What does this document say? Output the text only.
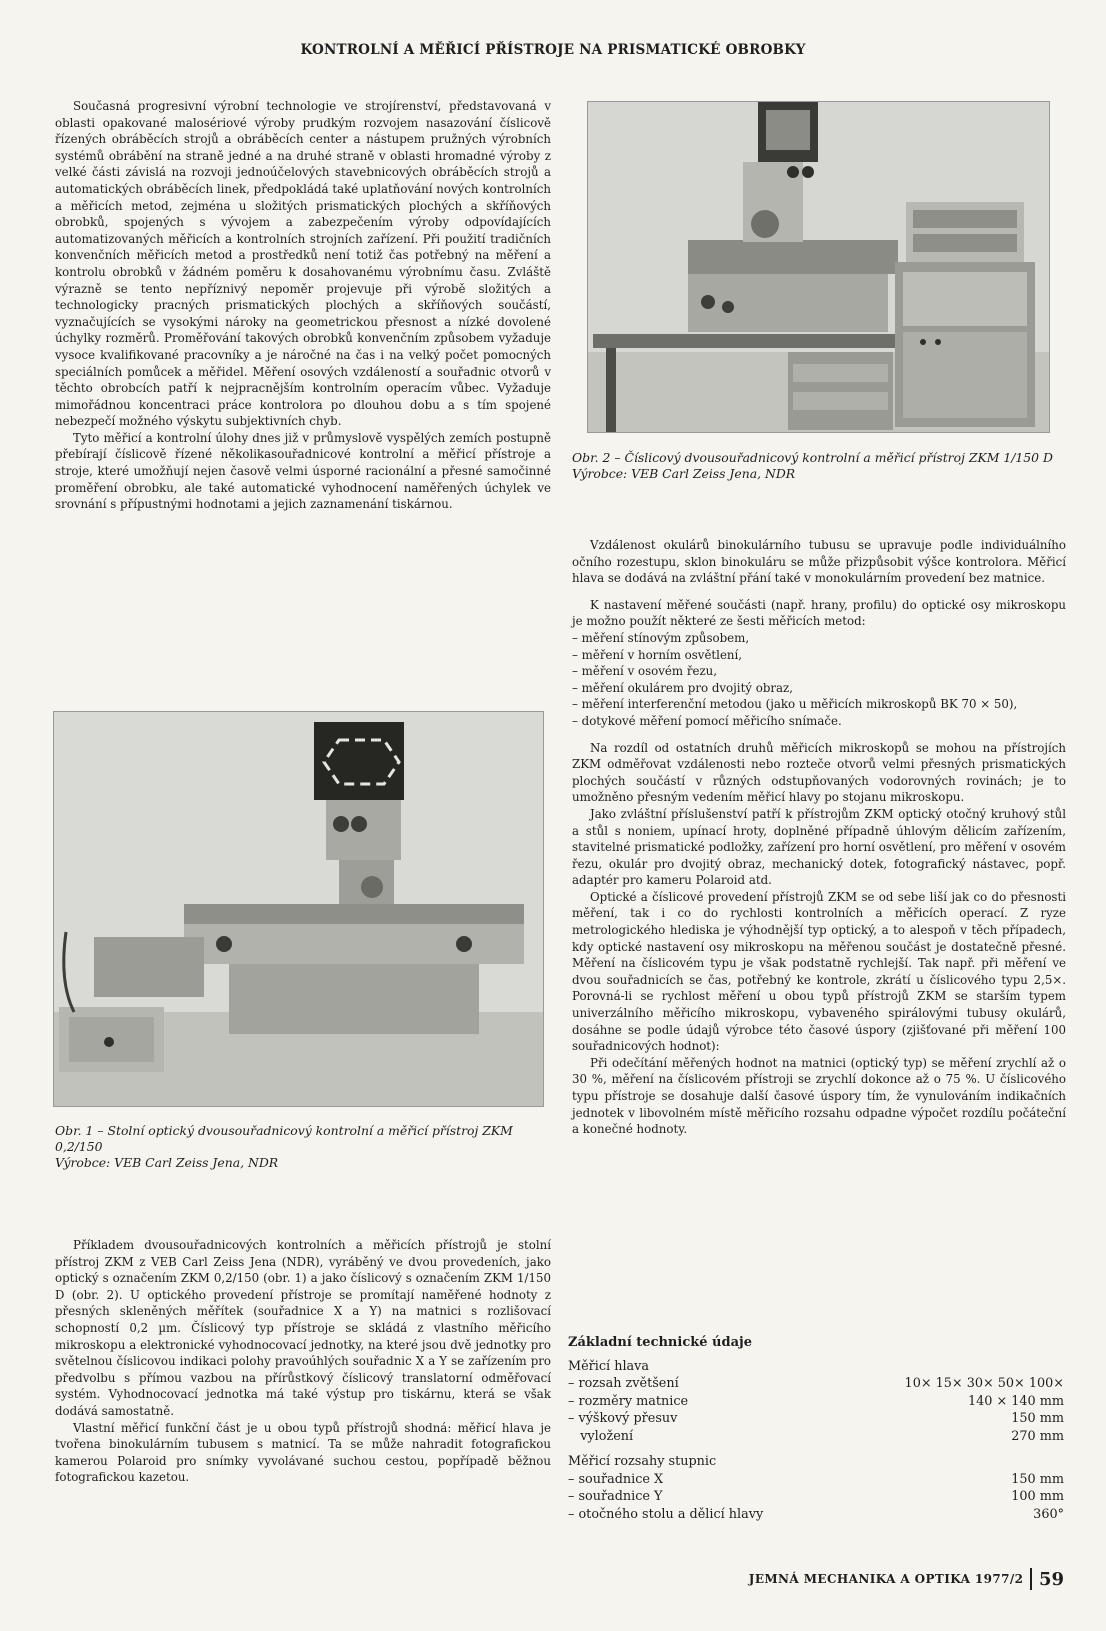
KONTROLNÍ A MĚŘICÍ PŘÍSTROJE NA PRISMATICKÉ OBROBKY

Současná progresivní výrobní technologie ve strojírenství, představovaná v oblasti opakované malosériové výroby prudkým rozvojem nasazování číslicově řízených obráběcích strojů a obráběcích center a nástupem pružných výrobních systémů obrábění na straně jedné a na druhé straně v oblasti hromadné výroby z velké části závislá na rozvoji jednoúčelových stavebnicových obráběcích strojů a automatických obráběcích linek, předpokládá také uplatňování nových kontrolních a měřicích metod, zejména u složitých prismatických plochých a skříňových obrobků, spojených s vývojem a zabezpečením výroby odpovídajících automatizovaných měřicích a kontrolních strojních zařízení. Při použití tradičních konvenčních měřicích metod a prostředků není totiž čas potřebný na měření a kontrolu obrobků v žádném poměru k dosahovanému výrobnímu času. Zvláště výrazně se tento nepříznivý nepoměr projevuje při výrobě složitých a technologicky pracných prismatických plochých a skříňových součástí, vyznačujících se vysokými nároky na geometrickou přesnost a nízké dovolené úchylky rozměrů. Proměřování takových obrobků konvenčním způsobem vyžaduje vysoce kvalifikované pracovníky a je náročné na čas i na velký počet pomocných speciálních pomůcek a měřidel. Měření osových vzdáleností a souřadnic otvorů v těchto obrobcích patří k nejpracnějším kontrolním operacím vůbec. Vyžaduje mimořádnou koncentraci práce kontrolora po dlouhou dobu a s tím spojené nebezpečí možného výskytu subjektivních chyb.

Tyto měřicí a kontrolní úlohy dnes již v průmyslově vyspělých zemích postupně přebírají číslicově řízené několikasouřadnicové kontrolní a měřicí přístroje a stroje, které umožňují nejen časově velmi úsporné racionální a přesné samočinné proměření obrobku, ale také automatické vyhodnocení naměřených úchylek ve srovnání s přípustnými hodnotami a jejich zaznamenání tiskárnou.

Obr. 2 – Číslicový dvousouřadnicový kontrolní a měřicí přístroj ZKM 1/150 D
Výrobce: VEB Carl Zeiss Jena, NDR
Obr. 1 – Stolní optický dvousouřadnicový kontrolní a měřicí přístroj ZKM 0,2/150
Výrobce: VEB Carl Zeiss Jena, NDR

Příkladem dvousouřadnicových kontrolních a měřicích přístrojů je stolní přístroj ZKM z VEB Carl Zeiss Jena (NDR), vyráběný ve dvou provedeních, jako optický s označením ZKM 0,2/150 (obr. 1) a jako číslicový s označením ZKM 1/150 D (obr. 2). U optického provedení přístroje se promítají naměřené hodnoty z přesných skleněných měřítek (souřadnice X a Y) na matnici s rozlišovací schopností 0,2 µm. Číslicový typ přístroje se skládá z vlastního měřicího mikroskopu a elektronické vyhodnocovací jednotky, na které jsou dvě jednotky pro světelnou číslicovou indikaci polohy pravoúhlých souřadnic X a Y se zařízením pro předvolbu s přímou vazbou na přírůstkový číslicový translatorní odměřovací systém. Vyhodnocovací jednotka má také výstup pro tiskárnu, která se však dodává samostatně.

Vlastní měřicí funkční část je u obou typů přístrojů shodná: měřicí hlava je tvořena binokulárním tubusem s matnicí. Ta se může nahradit fotografickou kamerou Polaroid pro snímky vyvolávané suchou cestou, popřípadě běžnou fotografickou kazetou.

Vzdálenost okulárů binokulárního tubusu se upravuje podle individuálního očního rozestupu, sklon binokuláru se může přizpůsobit výšce kontrolora. Měřicí hlava se dodává na zvláštní přání také v monokulárním provedení bez matnice.

K nastavení měřené součásti (např. hrany, profilu) do optické osy mikroskopu je možno použít některé ze šesti měřicích metod:

– měření stínovým způsobem,
– měření v horním osvětlení,
– měření v osovém řezu,
– měření okulárem pro dvojitý obraz,
– měření interferenční metodou (jako u měřicích mikroskopů BK 70 × 50),
– dotykové měření pomocí měřicího snímače.

Na rozdíl od ostatních druhů měřicích mikroskopů se mohou na přístrojích ZKM odměřovat vzdálenosti nebo rozteče otvorů velmi přesných prismatických plochých součástí v různých odstupňovaných vodorovných rovinách; je to umožněno přesným vedením měřicí hlavy po stojanu mikroskopu.

Jako zvláštní příslušenství patří k přístrojům ZKM optický otočný kruhový stůl a stůl s noniem, upínací hroty, doplněné případně úhlovým dělicím zařízením, stavitelné prismatické podložky, zařízení pro horní osvětlení, pro měření v osovém řezu, okulár pro dvojitý obraz, mechanický dotek, fotografický nástavec, popř. adaptér pro kameru Polaroid atd.

Optické a číslicové provedení přístrojů ZKM se od sebe liší jak co do přesnosti měření, tak i co do rychlosti kontrolních a měřicích operací. Z ryze metrologického hlediska je výhodnější typ optický, a to alespoň v těch případech, kdy optické nastavení osy mikroskopu na měřenou součást je dostatečně přesné. Měření na číslicovém typu je však podstatně rychlejší. Tak např. při měření ve dvou souřadnicích se čas, potřebný ke kontrole, zkrátí u číslicového typu 2,5×. Porovná-li se rychlost měření u obou typů přístrojů ZKM se starším typem univerzálního měřicího mikroskopu, vybaveného spirálovými tubusy okulárů, dosáhne se podle údajů výrobce této časové úspory (zjišťované při měření 100 souřadnicových hodnot):

Při odečítání měřených hodnot na matnici (optický typ) se měření zrychlí až o 30 %, měření na číslicovém přístroji se zrychlí dokonce až o 75 %. U číslicového typu přístroje se dosahuje další časové úspory tím, že vynulováním indikačních jednotek v libovolném místě měřicího rozsahu odpadne výpočet rozdílu počáteční a konečné hodnoty.

Základní technické údaje
Měřicí hlava
– rozsah zvětšení	10× 15× 30× 50× 100×
– rozměry matnice	140 × 140 mm
– výškový přesuv	150 mm
vyložení	270 mm
Měřicí rozsahy stupnic
– souřadnice X	150 mm
– souřadnice Y	100 mm
– otočného stolu a dělicí hlavy	360°
JEMNÁ MECHANIKA A OPTIKA 1977/2 59
